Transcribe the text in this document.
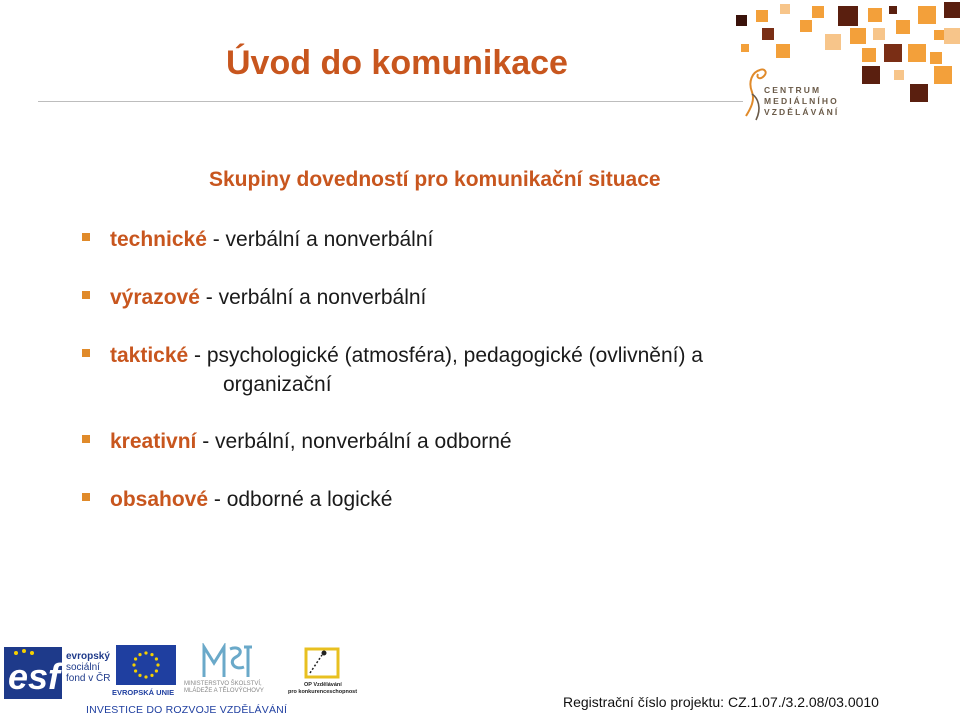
Úvod do komunikace
CENTRUM
MEDIÁLNÍHO
VZDĚLÁVÁNÍ
Skupiny dovedností pro komunikační situace
technické - verbální a nonverbální
výrazové - verbální a nonverbální
taktické - psychologické (atmosféra), pedagogické (ovlivnění) a
organizační
kreativní - verbální, nonverbální a odborné
obsahové - odborné a logické
esf evropský
sociální
fond v ČR
EVROPSKÁ UNIE
MINISTERSTVO ŠKOLSTVÍ,
MLÁDEŽE A TĚLOVÝCHOVY
OP Vzdělávání
pro konkurenceschopnost
INVESTICE DO ROZVOJE VZDĚLÁVÁNÍ	Registrační číslo projektu: CZ.1.07./3.2.08/03.0010
